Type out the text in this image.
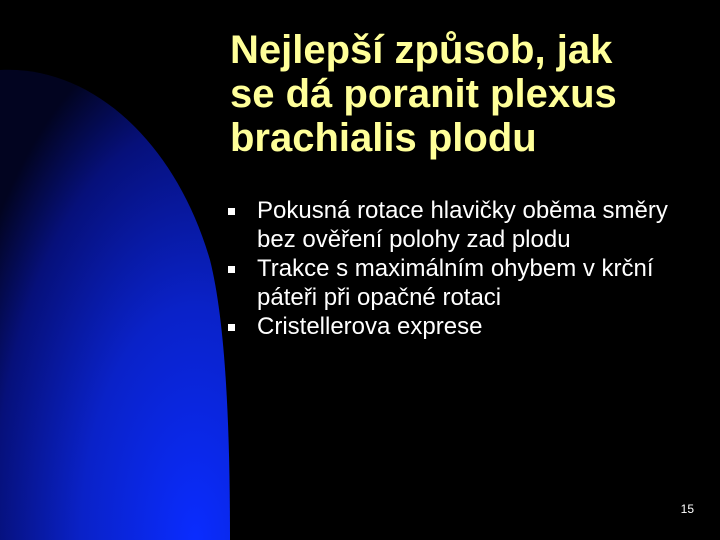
Nejlepší způsob, jak
se dá poranit plexus
brachialis plodu
Pokusná rotace hlavičky oběma směry bez ověření polohy zad plodu
Trakce s maximálním ohybem v krční páteři při opačné rotaci
Cristellerova exprese
15
